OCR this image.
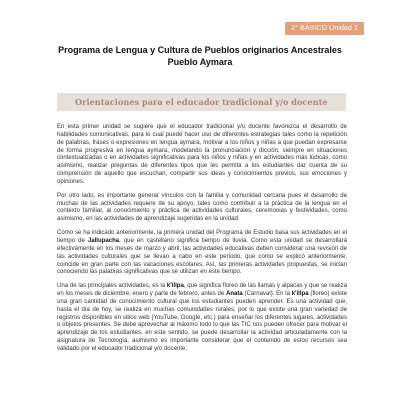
2° BÁSICO Unidad 1
Programa de Lengua y Cultura de Pueblos originarios Ancestrales
Pueblo Aymara
Orientaciones para el educador tradicional y/o docente

En esta primer unidad se sugiere que el educador tradicional y/o docente favorezca el desarrollo de habilidades comunicativas, para lo cual puede hacer uso de diferentes estrategias tales como la repetición de palabras, frases o expresiones en lengua aymara, motivar a los niños y niñas a que puedan expresarse de forma progresiva en lengua aymara, modelando la pronunciación y dicción, siempre en situaciones contextualizadas o en actividades significativas para los niños y niñas y en actividades más lúdicas, como asimismo, realizar preguntas de diferentes tipos que les permita a los estudiantes dar cuenta de su comprensión de aquello que escuchan, compartir sus ideas y conocimientos previos, sus emociones y opiniones.

Por otro lado, es importante generar vínculos con la familia y comunidad cercana pues el desarrollo de muchas de las actividades requiere de su apoyo, tales como contribuir a la práctica de la lengua en el contexto familiar, al conocimiento y práctica de actividades culturales, ceremonias y festividades, como asimismo, en las actividades de aprendizaje sugeridas en la unidad.

Como se ha indicado anteriormente, la primera unidad del Programa de Estudio basa sus actividades en el tiempo de Jallupacha, que en castellano significa tiempo de lluvia. Como esta unidad se desarrollará efectivamente en los meses de marzo y abril, las actividades educativas deben considerar una revisión de las actividades culturales que se llevan a cabo en este período, que como se explicó anteriormente, coincide en gran parte con las vacaciones escolares. Así, las primeras actividades propuestas, se inician conociendo las palabras significativas que se utilizan en este tiempo.

Una de las principales actividades, es la k'illpa, que significa floreo de las llamas y alpacas y que se realiza en los meses de diciembre, enero y parte de febrero, antes de Anata (Carnaval). En la k'illpa (floreo) existe una gran cantidad de conocimiento cultural que los estudiantes pueden aprender. Es una actividad que, hasta el día de hoy, se realiza en muchas comunidades rurales, por lo que existe una gran variedad de registros disponibles en sitios web (YouTube, Google, etc.) para enseñar los diferentes lugares, actividades u objetos presentes. Se debe aprovechar al máximo todo lo que las TIC nos pueden ofrecer para motivar el aprendizaje de los estudiantes, en este sentido, se puede desarrollar la actividad articuladamente con la asignatura de Tecnología, asimismo es importante considerar que el contenido de estos recursos sea validado por el educador tradicional y/o docente,
